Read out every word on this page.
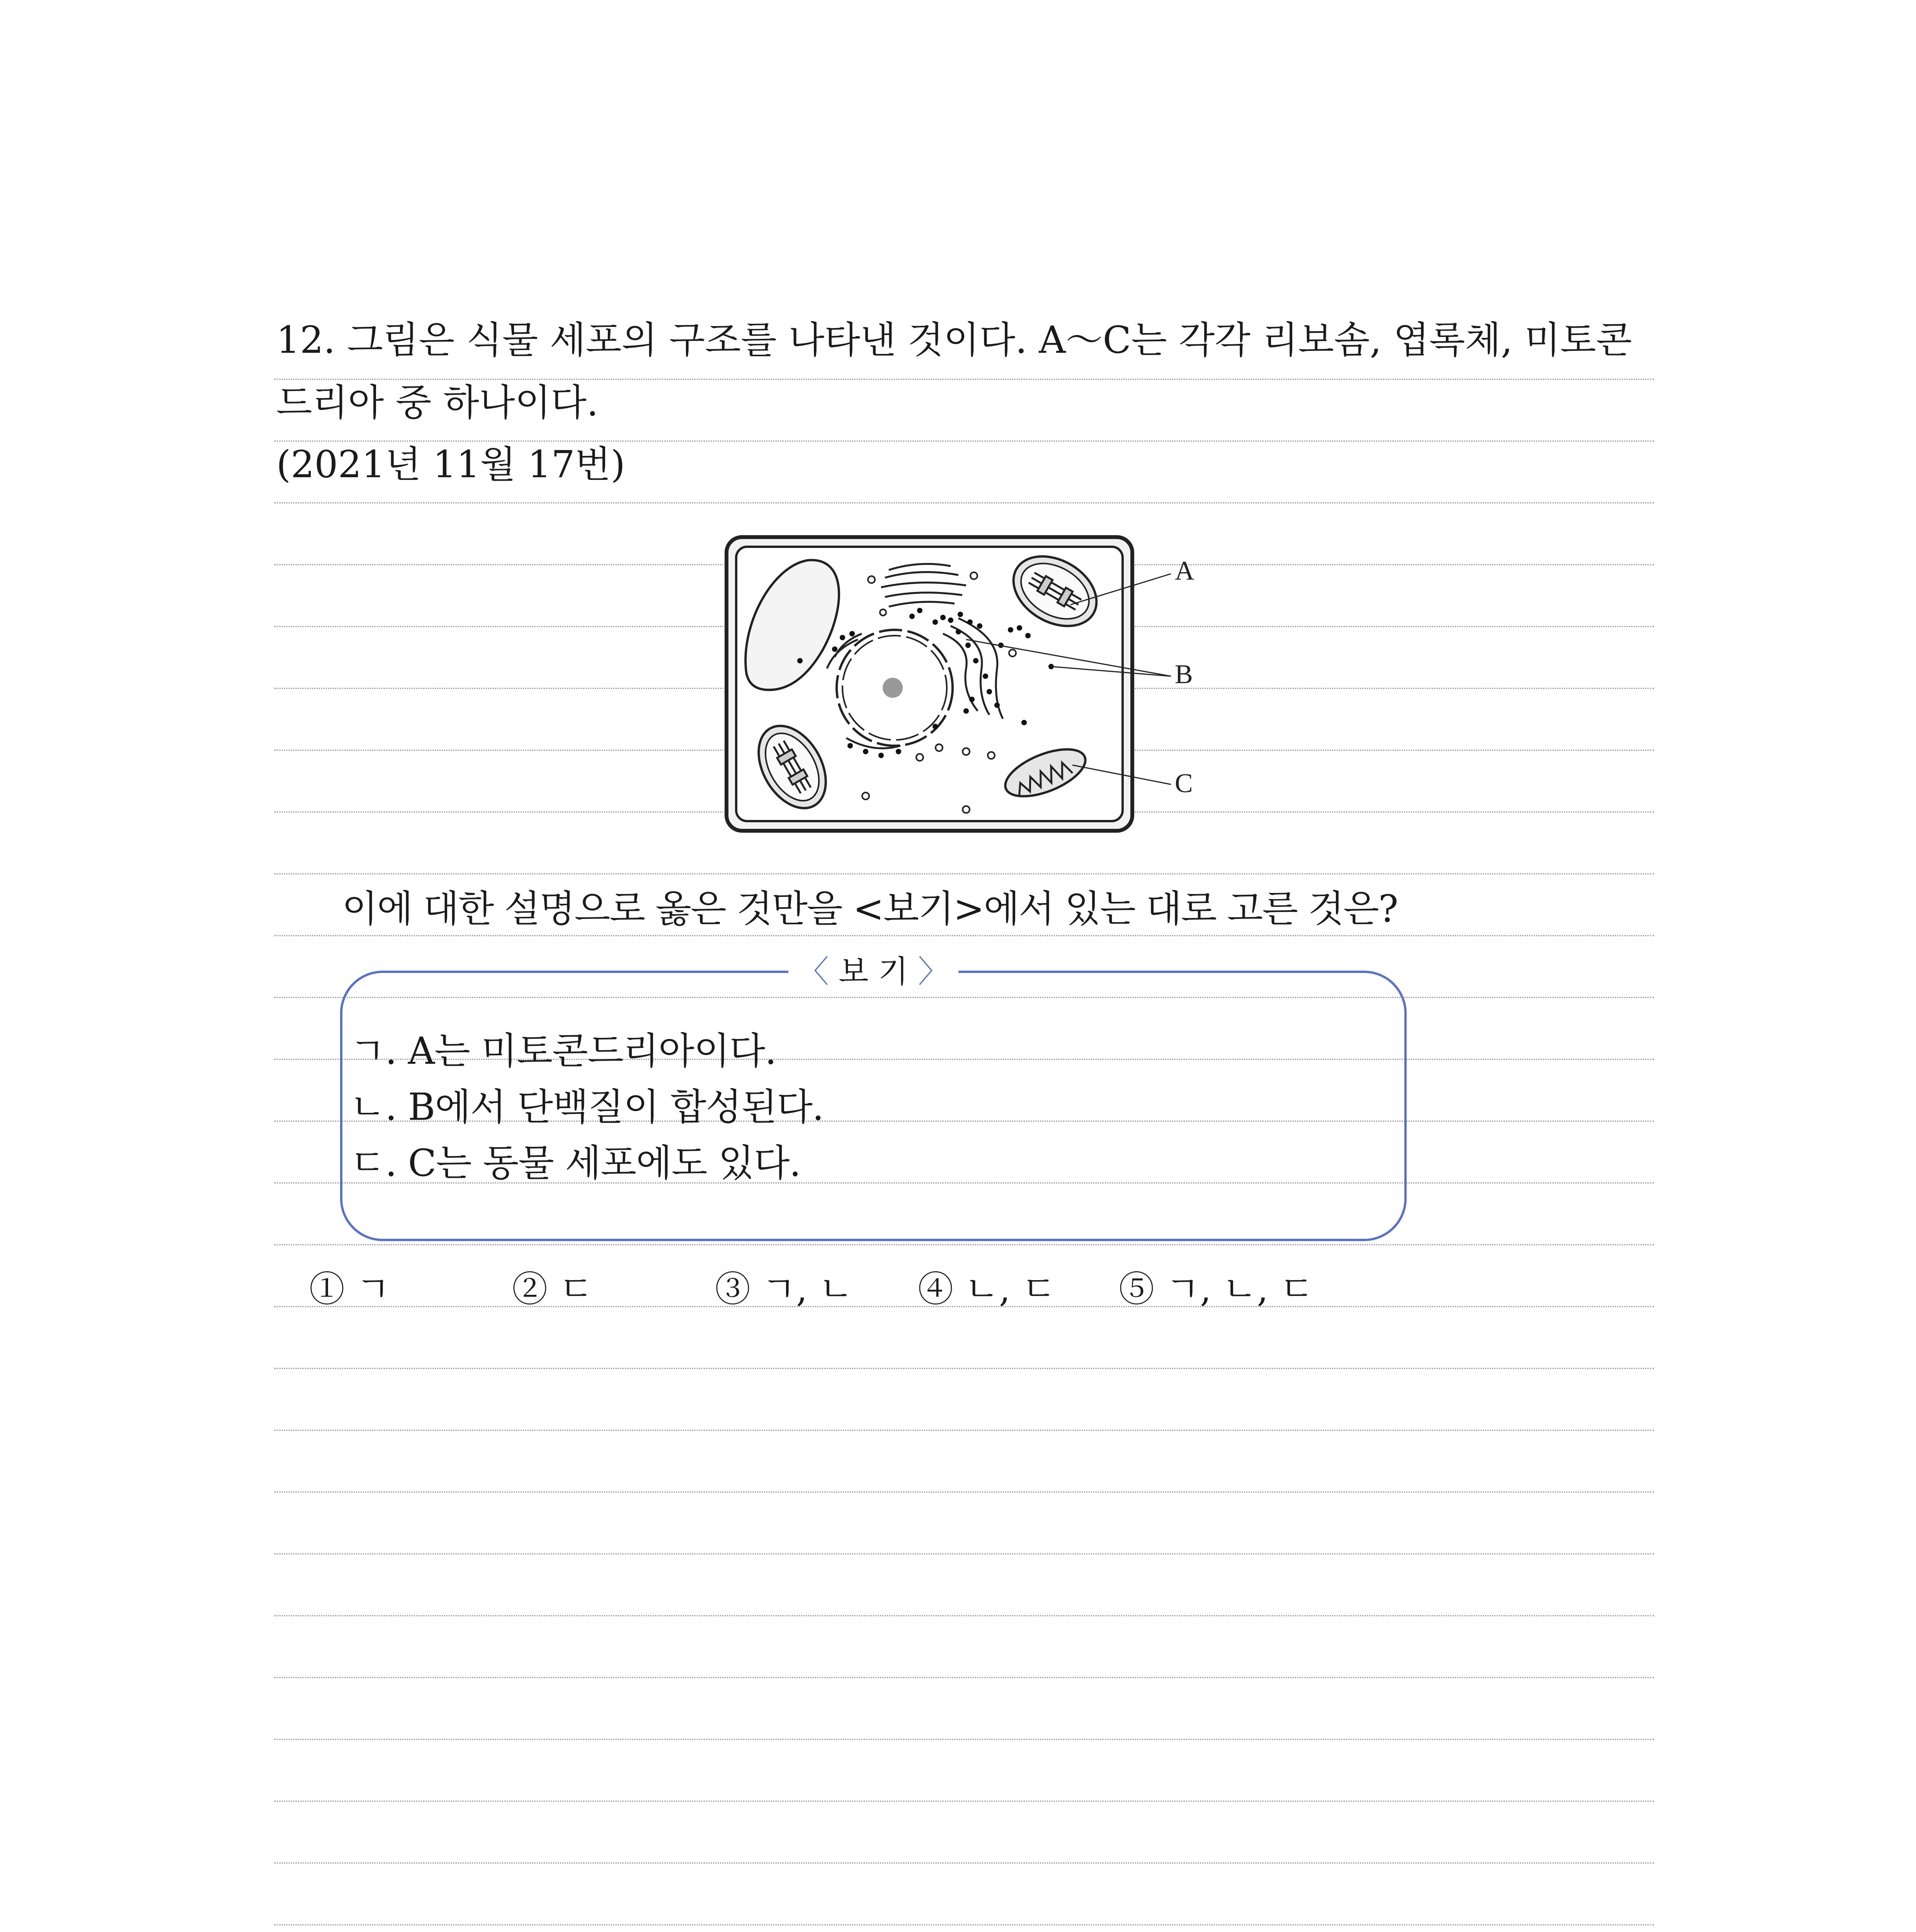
12. 그림은 식물 세포의 구조를 나타낸 것이다. A～C는 각각 리보솜, 엽록체, 미토콘
드리아 중 하나이다.
(2021년 11월 17번)
A
B
C
이에 대한 설명으로 옳은 것만을 <보기>에서 있는 대로 고른 것은?
〈 보 기 〉
ㄱ. A는 미토콘드리아이다.
ㄴ. B에서 단백질이 합성된다.
ㄷ. C는 동물 세포에도 있다.
① ㄱ	② ㄷ	③ ㄱ, ㄴ ④ ㄴ, ㄷ ⑤ ㄱ, ㄴ, ㄷ
